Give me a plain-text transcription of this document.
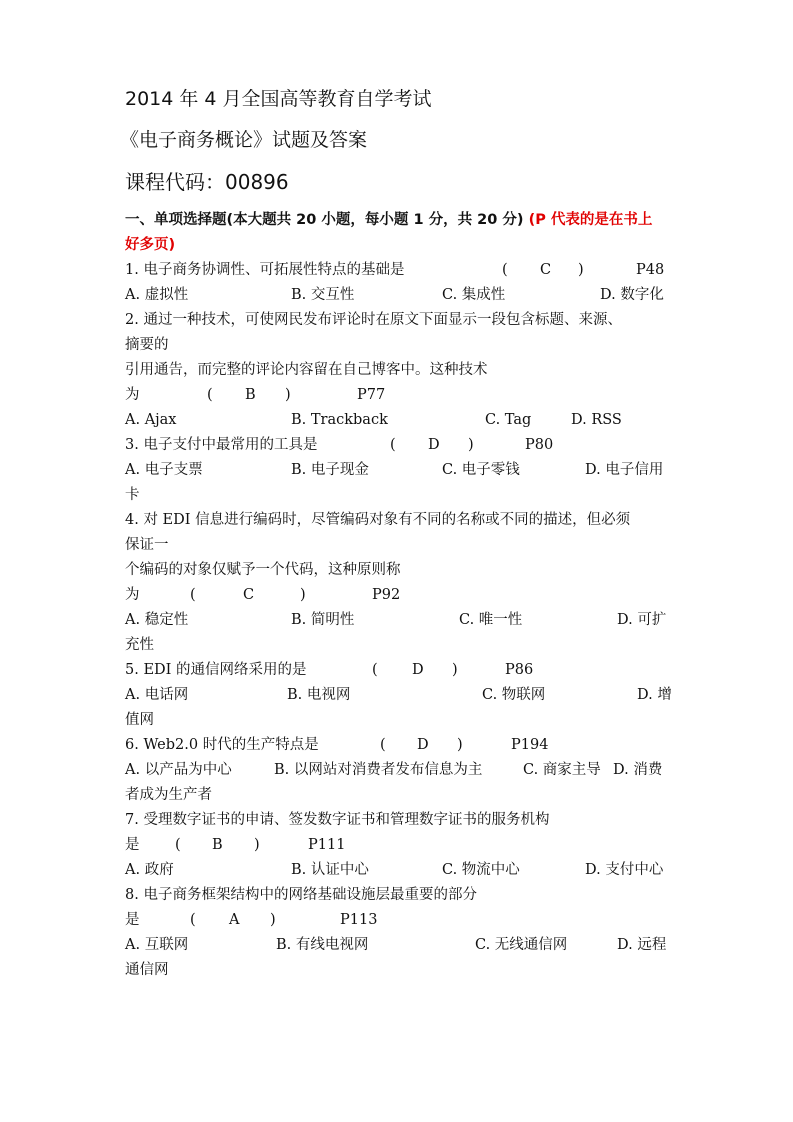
2014 年 4 月全国高等教育自学考试
《电子商务概论》试题及答案
课程代码：00896
一、单项选择题(本大题共 20 小题，每小题 1 分，共 20 分) (P 代表的是在书上
好多页)
1. 电子商务协调性、可拓展性特点的基础是	( C )	P48
A. 虚拟性	B. 交互性	C. 集成性	D. 数字化
2. 通过一种技术，可使网民发布评论时在原文下面显示一段包含标题、来源、
摘要的
引用通告，而完整的评论内容留在自己博客中。这种技术
为	( B )	P77
A. Ajax	B. Trackback	C. Tag	D. RSS
3. 电子支付中最常用的工具是	( D )	P80
A. 电子支票	B. 电子现金	C. 电子零钱	D. 电子信用
卡
4. 对 EDI 信息进行编码时，尽管编码对象有不同的名称或不同的描述，但必须
保证一
个编码的对象仅赋予一个代码，这种原则称
为	(	C	)	P92
A. 稳定性	B. 简明性	C. 唯一性	D. 可扩
充性
5. EDI 的通信网络采用的是	( D )	P86
A. 电话网	B. 电视网	C. 物联网	D. 增
值网
6. Web2.0 时代的生产特点是	( D )	P194
A. 以产品为中心	B. 以网站对消费者发布信息为主	C. 商家主导 D. 消费
者成为生产者
7. 受理数字证书的申请、签发数字证书和管理数字证书的服务机构
是 ( B )	P111
A. 政府	B. 认证中心	C. 物流中心	D. 支付中心
8. 电子商务框架结构中的网络基础设施层最重要的部分
是	( A )	P113
A. 互联网	B. 有线电视网	C. 无线通信网	D. 远程
通信网
